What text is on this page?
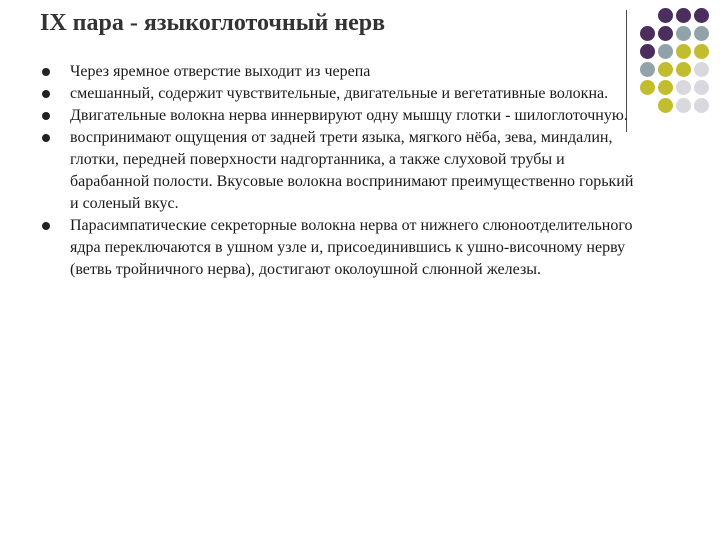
IX пара - языкоглоточный нерв
Через яремное отверстие выходит из черепа
смешанный, содержит чувствительные, двигательные и вегетативные волокна.
Двигательные волокна нерва иннервируют одну мышцу глотки - шилоглоточную.
воспринимают ощущения от задней трети языка, мягкого нёба, зева, миндалин, глотки, передней поверхности надгортанника, а также слуховой трубы и барабанной полости. Вкусовые волокна воспринимают преимущественно горький и соленый вкус.
Парасимпатические секреторные волокна нерва от нижнего слюноотделительного ядра переключаются в ушном узле и, присоединившись к ушно-височному нерву (ветвь тройничного нерва), достигают околоушной слюнной железы.
